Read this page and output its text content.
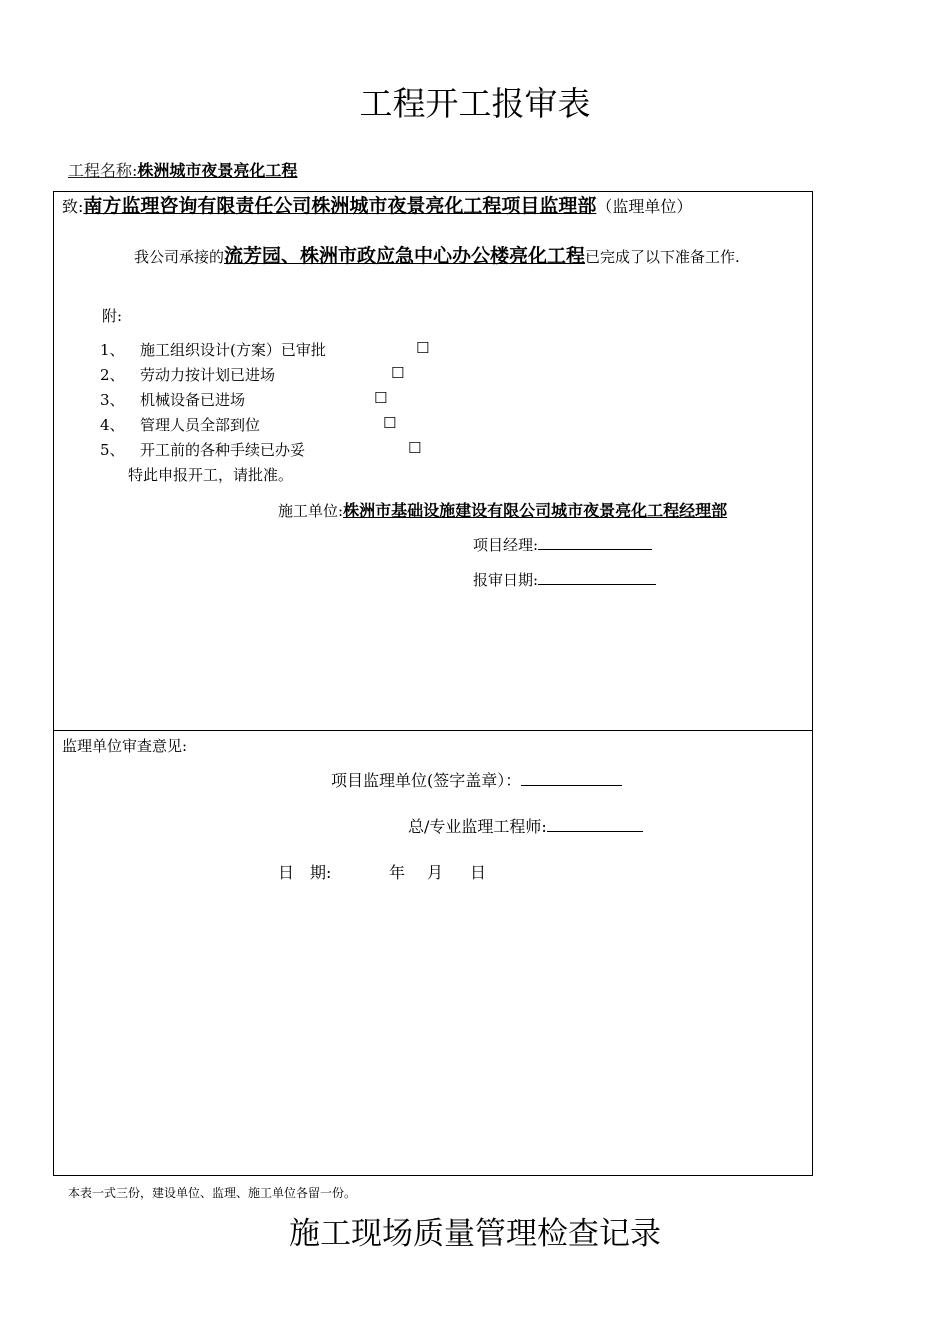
工程开工报审表
工程名称:株洲城市夜景亮化工程
致:南方监理咨询有限责任公司株洲城市夜景亮化工程项目监理部（监理单位）
我公司承接的流芳园、株洲市政应急中心办公楼亮化工程已完成了以下准备工作.
附:
1、 施工组织设计(方案）已审批	☐
2、 劳动力按计划已进场	☐
3、 机械设备已进场	☐
4、 管理人员全部到位	☐
5、 开工前的各种手续已办妥	☐
特此申报开工，请批准。
施工单位:株洲市基础设施建设有限公司城市夜景亮化工程经理部
项目经理:
报审日期:
监理单位审查意见:
项目监理单位(签字盖章）：
总/专业监理工程师:
日　期:	年 月 日
本表一式三份，建设单位、监理、施工单位各留一份。
施工现场质量管理检查记录
